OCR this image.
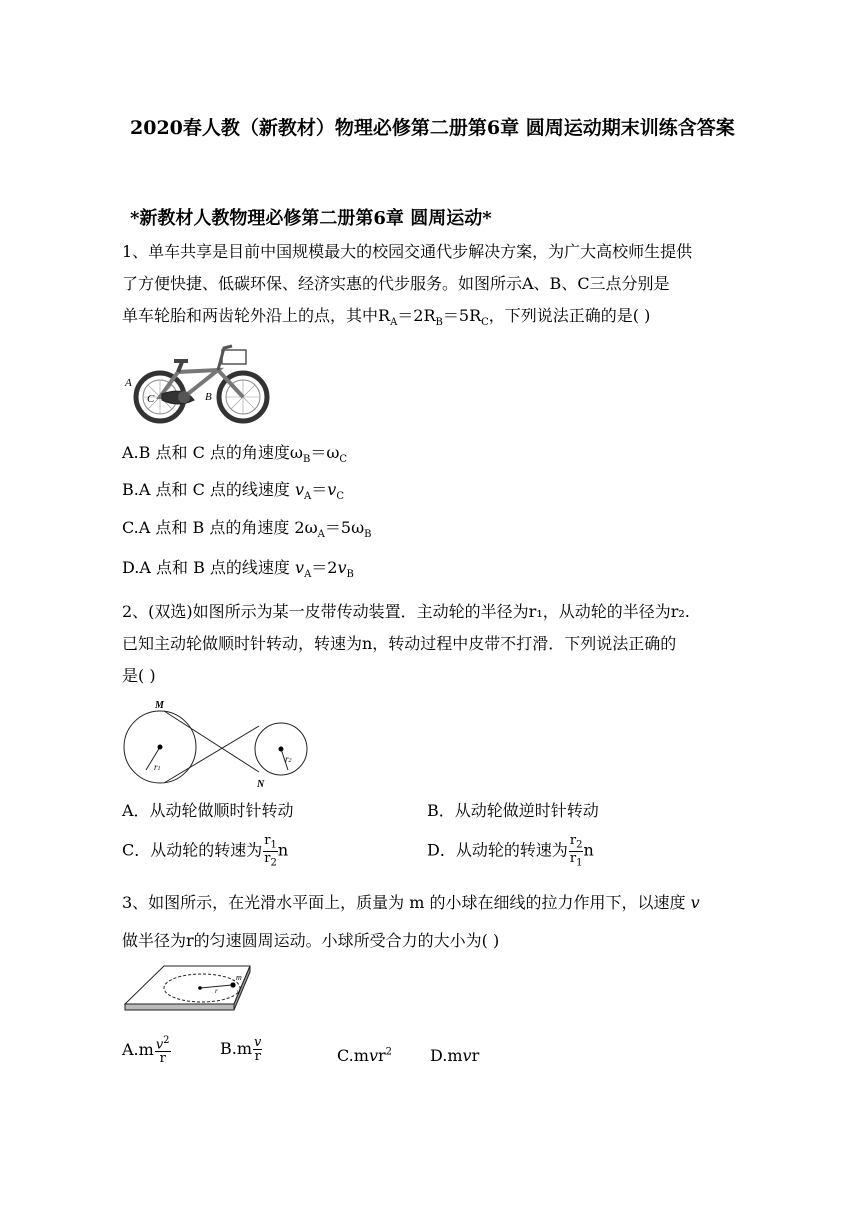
2020春人教（新教材）物理必修第二册第6章 圆周运动期末训练含答案
*新教材人教物理必修第二册第6章 圆周运动*
1、单车共享是目前中国规模最大的校园交通代步解决方案，为广大高校师生提供
了方便快捷、低碳环保、经济实惠的代步服务。如图所示A、B、C三点分别是
单车轮胎和两齿轮外沿上的点，其中$R_A=2R_B=5R_C$，下列说法正确的是( )
A
C	B
A.B 点和 C 点的角速度$\omega_B=\omega_C$
B.A 点和 C 点的线速度 $v_A=v_C$
C.A 点和 B 点的角速度 $2\omega_A=5\omega_B$
D.A 点和 B 点的线速度 $v_A=2v_B$
2、(双选)如图所示为某一皮带传动装置．主动轮的半径为r₁，从动轮的半径为r₂.
已知主动轮做顺时针转动，转速为n，转动过程中皮带不打滑．下列说法正确的
是( )
M
N
r1
r2
A．从动轮做顺时针转动	B．从动轮做逆时针转动
C．从动轮的转速为 $\frac{r_1}{r_2}$ n	D．从动轮的转速为 $\frac{r_2}{r_1}$ n
3、如图所示，在光滑水平面上，质量为 m 的小球在细线的拉力作用下，以速度 v
做半径为r的匀速圆周运动。小球所受合力的大小为( )
m
r	v
$A.m \frac{v^2}{r}$	$B.m \frac{v}{r}$	C.mvr$^2$ D.mvr
